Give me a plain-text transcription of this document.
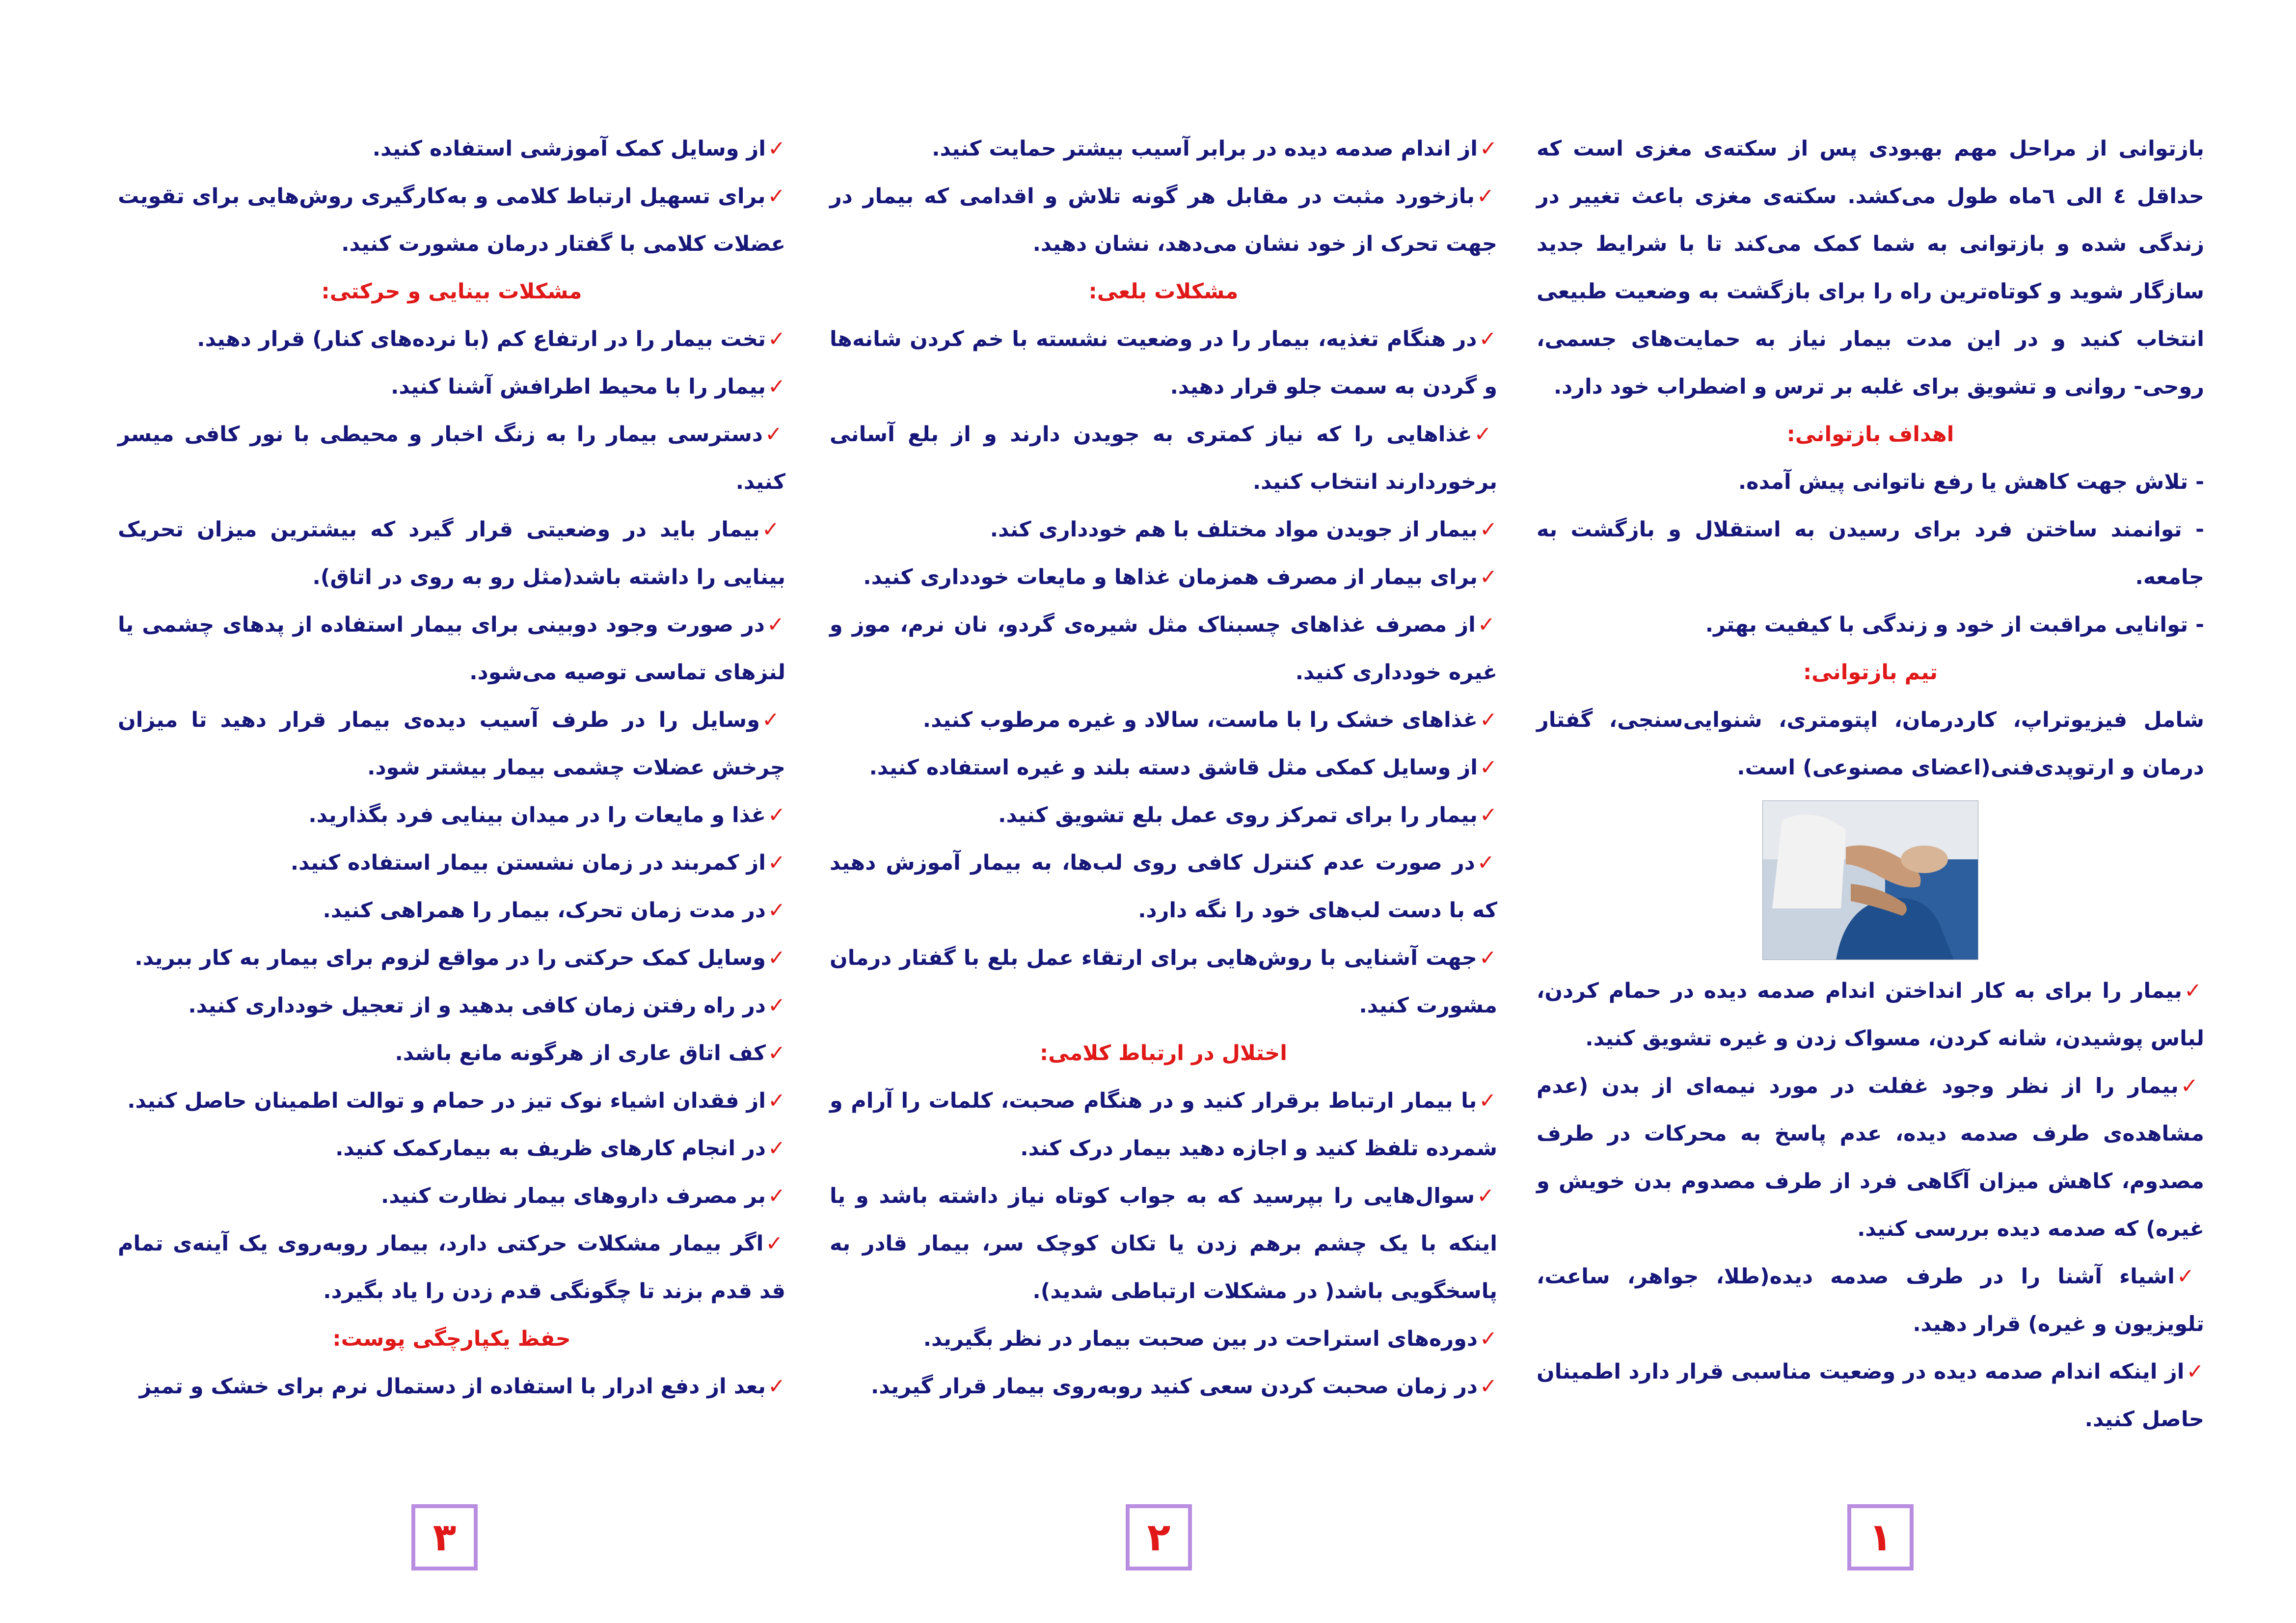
بازتوانی از مراحل مهم بهبودی پس از سکته‌ی مغزی است که حداقل ٤ الی ٦ماه طول می‌کشد. سکته‌ی مغزی باعث تغییر در زندگی شده و بازتوانی به شما کمک می‌کند تا با شرایط جدید سازگار شوید و کوتاه‌ترین راه را برای بازگشت به وضعیت طبیعی انتخاب کنید و در این مدت بیمار نیاز به حمایت‌های جسمی، روحی- روانی و تشویق برای غلبه بر ترس و اضطراب خود دارد.

اهداف بازتوانی:

- تلاش جهت کاهش یا رفع ناتوانی پیش آمده.

- توانمند ساختن فرد برای رسیدن به استقلال و بازگشت به جامعه.

- توانایی مراقبت از خود و زندگی با کیفیت بهتر.

تیم بازتوانی:

شامل فیزیوتراپ، کاردرمان، اپتومتری، شنوایی‌سنجی، گفتار درمان و ارتوپدی‌فنی(اعضای مصنوعی) است.

✓بیمار را برای به کار انداختن اندام صدمه دیده در حمام کردن، لباس پوشیدن، شانه کردن، مسواک زدن و غیره تشویق کنید.

✓بیمار را از نظر وجود غفلت در مورد نیمه‌ای از بدن (عدم مشاهده‌ی طرف صدمه دیده، عدم پاسخ به محرکات در طرف مصدوم، کاهش میزان آگاهی فرد از طرف مصدوم بدن خویش و غیره) که صدمه دیده بررسی کنید.

✓اشیاء آشنا را در طرف صدمه دیده(طلا، جواهر، ساعت، تلویزیون و غیره) قرار دهید.

✓از اینکه اندام صدمه دیده در وضعیت مناسبی قرار دارد اطمینان حاصل کنید.

✓از اندام صدمه دیده در برابر آسیب بیشتر حمایت کنید.

✓بازخورد مثبت در مقابل هر گونه تلاش و اقدامی که بیمار در جهت تحرک از خود نشان می‌دهد، نشان دهید.

مشکلات بلعی:

✓در هنگام تغذیه، بیمار را در وضعیت نشسته با خم کردن شانه‌ها و گردن به سمت جلو قرار دهید.

✓غذاهایی را که نیاز کمتری به جویدن دارند و از بلع آسانی برخوردارند انتخاب کنید.

✓بیمار از جویدن مواد مختلف با هم خودداری کند.

✓برای بیمار از مصرف همزمان غذاها و مایعات خودداری کنید.

✓از مصرف غذاهای چسبناک مثل شیره‌ی گردو، نان نرم، موز و غیره خودداری کنید.

✓غذاهای خشک را با ماست، سالاد و غیره مرطوب کنید.

✓از وسایل کمکی مثل قاشق دسته بلند و غیره استفاده کنید.

✓بیمار را برای تمرکز روی عمل بلع تشویق کنید.

✓در صورت عدم کنترل کافی روی لب‌ها، به بیمار آموزش دهید که با دست لب‌های خود را نگه دارد.

✓جهت آشنایی با روش‌هایی برای ارتقاء عمل بلع با گفتار درمان مشورت کنید.

اختلال در ارتباط کلامی:

✓با بیمار ارتباط برقرار کنید و در هنگام صحبت، کلمات را آرام و شمرده تلفظ کنید و اجازه دهید بیمار درک کند.

✓سوال‌هایی را بپرسید که به جواب کوتاه نیاز داشته باشد و یا اینکه با یک چشم برهم زدن یا تکان کوچک سر، بیمار قادر به پاسخگویی باشد( در مشکلات ارتباطی شدید).

✓دوره‌های استراحت در بین صحبت بیمار در نظر بگیرید.

✓در زمان صحبت کردن سعی کنید روبه‌روی بیمار قرار گیرید.

✓از وسایل کمک آموزشی استفاده کنید.

✓برای تسهیل ارتباط کلامی و به‌کارگیری روش‌هایی برای تقویت عضلات کلامی با گفتار درمان مشورت کنید.

مشکلات بینایی و حرکتی:

✓تخت بیمار را در ارتفاع کم (با نرده‌های کنار) قرار دهید.

✓بیمار را با محیط اطرافش آشنا کنید.

✓دسترسی بیمار را به زنگ اخبار و محیطی با نور کافی میسر کنید.

✓بیمار باید در وضعیتی قرار گیرد که بیشترین میزان تحریک بینایی را داشته باشد(مثل رو به روی در اتاق).

✓در صورت وجود دوبینی برای بیمار استفاده از پد‌های چشمی یا لنزهای تماسی توصیه می‌شود.

✓وسایل را در طرف آسیب دیده‌ی بیمار قرار دهید تا میزان چرخش عضلات چشمی بیمار بیشتر شود.

✓غذا و مایعات را در میدان بینایی فرد بگذارید.

✓از کمربند در زمان نشستن بیمار استفاده کنید.

✓در مدت زمان تحرک، بیمار را همراهی کنید.

✓وسایل کمک حرکتی را در مواقع لزوم برای بیمار به کار ببرید.

✓در راه رفتن زمان کافی بدهید و از تعجیل خودداری کنید.

✓کف اتاق عاری از هرگونه مانع باشد.

✓از فقدان اشیاء نوک تیز در حمام و توالت اطمینان حاصل کنید.

✓در انجام کارهای ظریف به بیمارکمک کنید.

✓بر مصرف داروهای بیمار نظارت کنید.

✓اگر بیمار مشکلات حرکتی دارد، بیمار روبه‌روی یک آینه‌ی تمام قد قدم بزند تا چگونگی قدم زدن را یاد بگیرد.

حفظ یکپارچگی پوست:

✓بعد از دفع ادرار با استفاده از دستمال نرم برای خشک و تمیز

١
٢
٣
